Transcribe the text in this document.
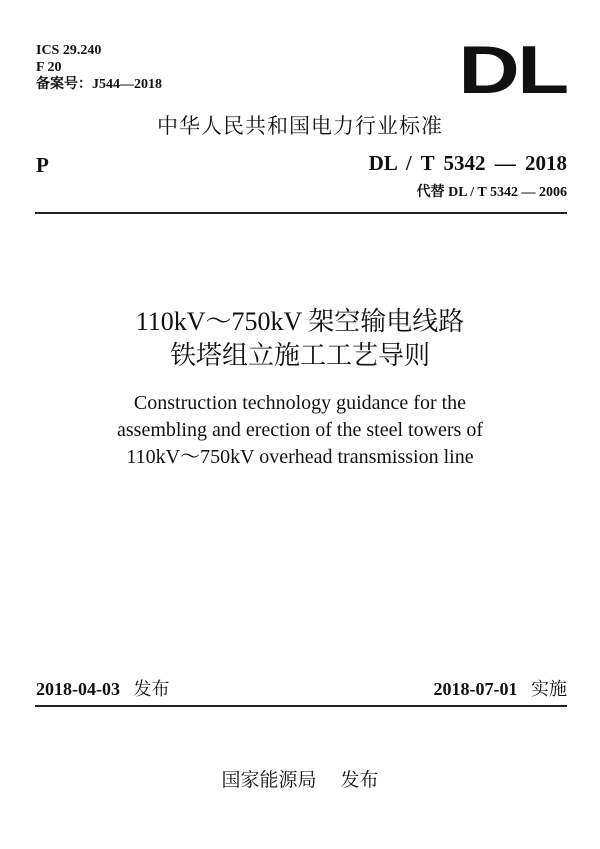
ICS 29.240
F 20
备案号：J544—2018	DL
中华人民共和国电力行业标准
P	DL / T 5342 — 2018
代替 DL / T 5342 — 2006
110kV～750kV 架空输电线路
铁塔组立施工工艺导则
Construction technology guidance for the
assembling and erection of the steel towers of
110kV～750kV overhead transmission line
2018-04-03 发布	2018-07-01 实施
国家能源局 发布
